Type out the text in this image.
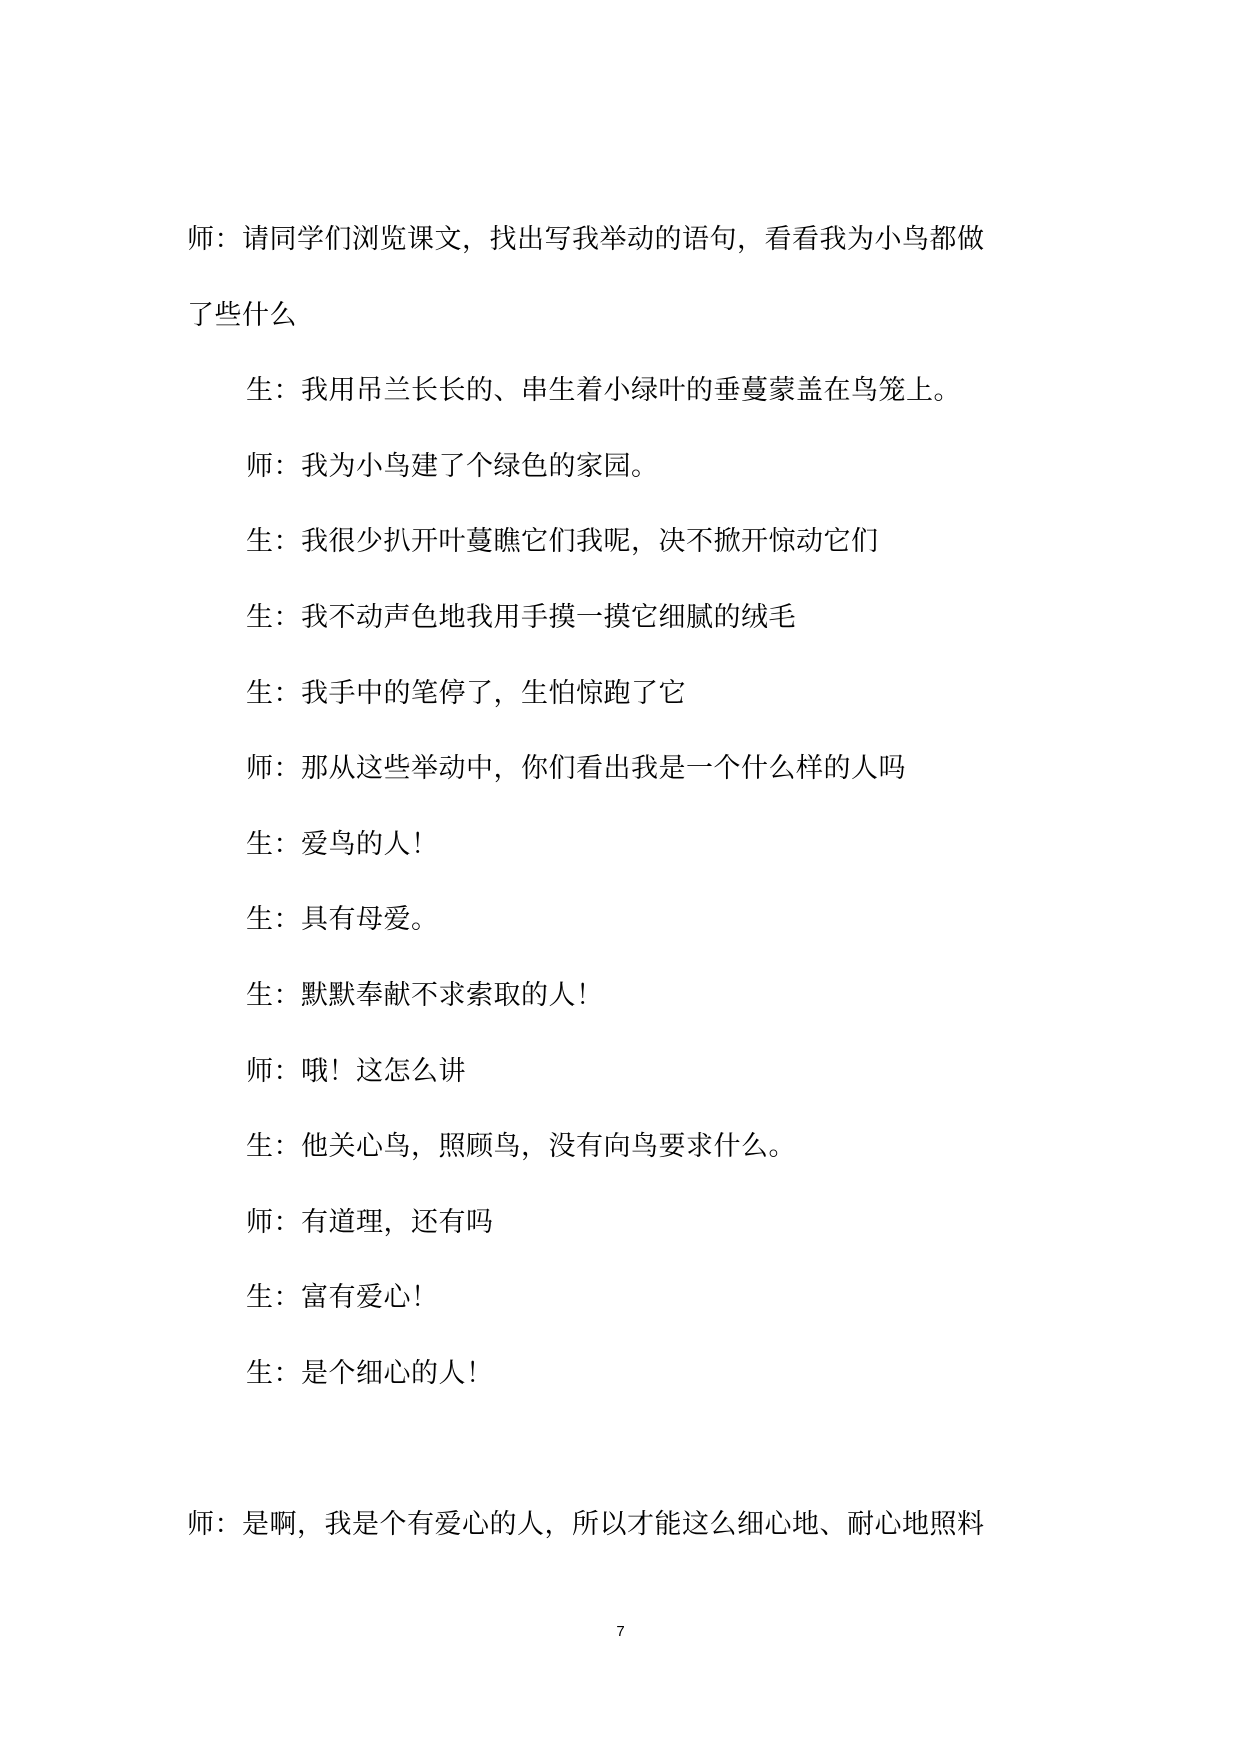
师：请同学们浏览课文，找出写我举动的语句，看看我为小鸟都做
了些什么
生：我用吊兰长长的、串生着小绿叶的垂蔓蒙盖在鸟笼上。
师：我为小鸟建了个绿色的家园。
生：我很少扒开叶蔓瞧它们我呢，决不掀开惊动它们
生：我不动声色地我用手摸一摸它细腻的绒毛
生：我手中的笔停了，生怕惊跑了它
师：那从这些举动中，你们看出我是一个什么样的人吗
生：爱鸟的人！
生：具有母爱。
生：默默奉献不求索取的人！
师：哦！这怎么讲
生：他关心鸟，照顾鸟，没有向鸟要求什么。
师：有道理，还有吗
生：富有爱心！
生：是个细心的人！
师：是啊，我是个有爱心的人，所以才能这么细心地、耐心地照料
7
